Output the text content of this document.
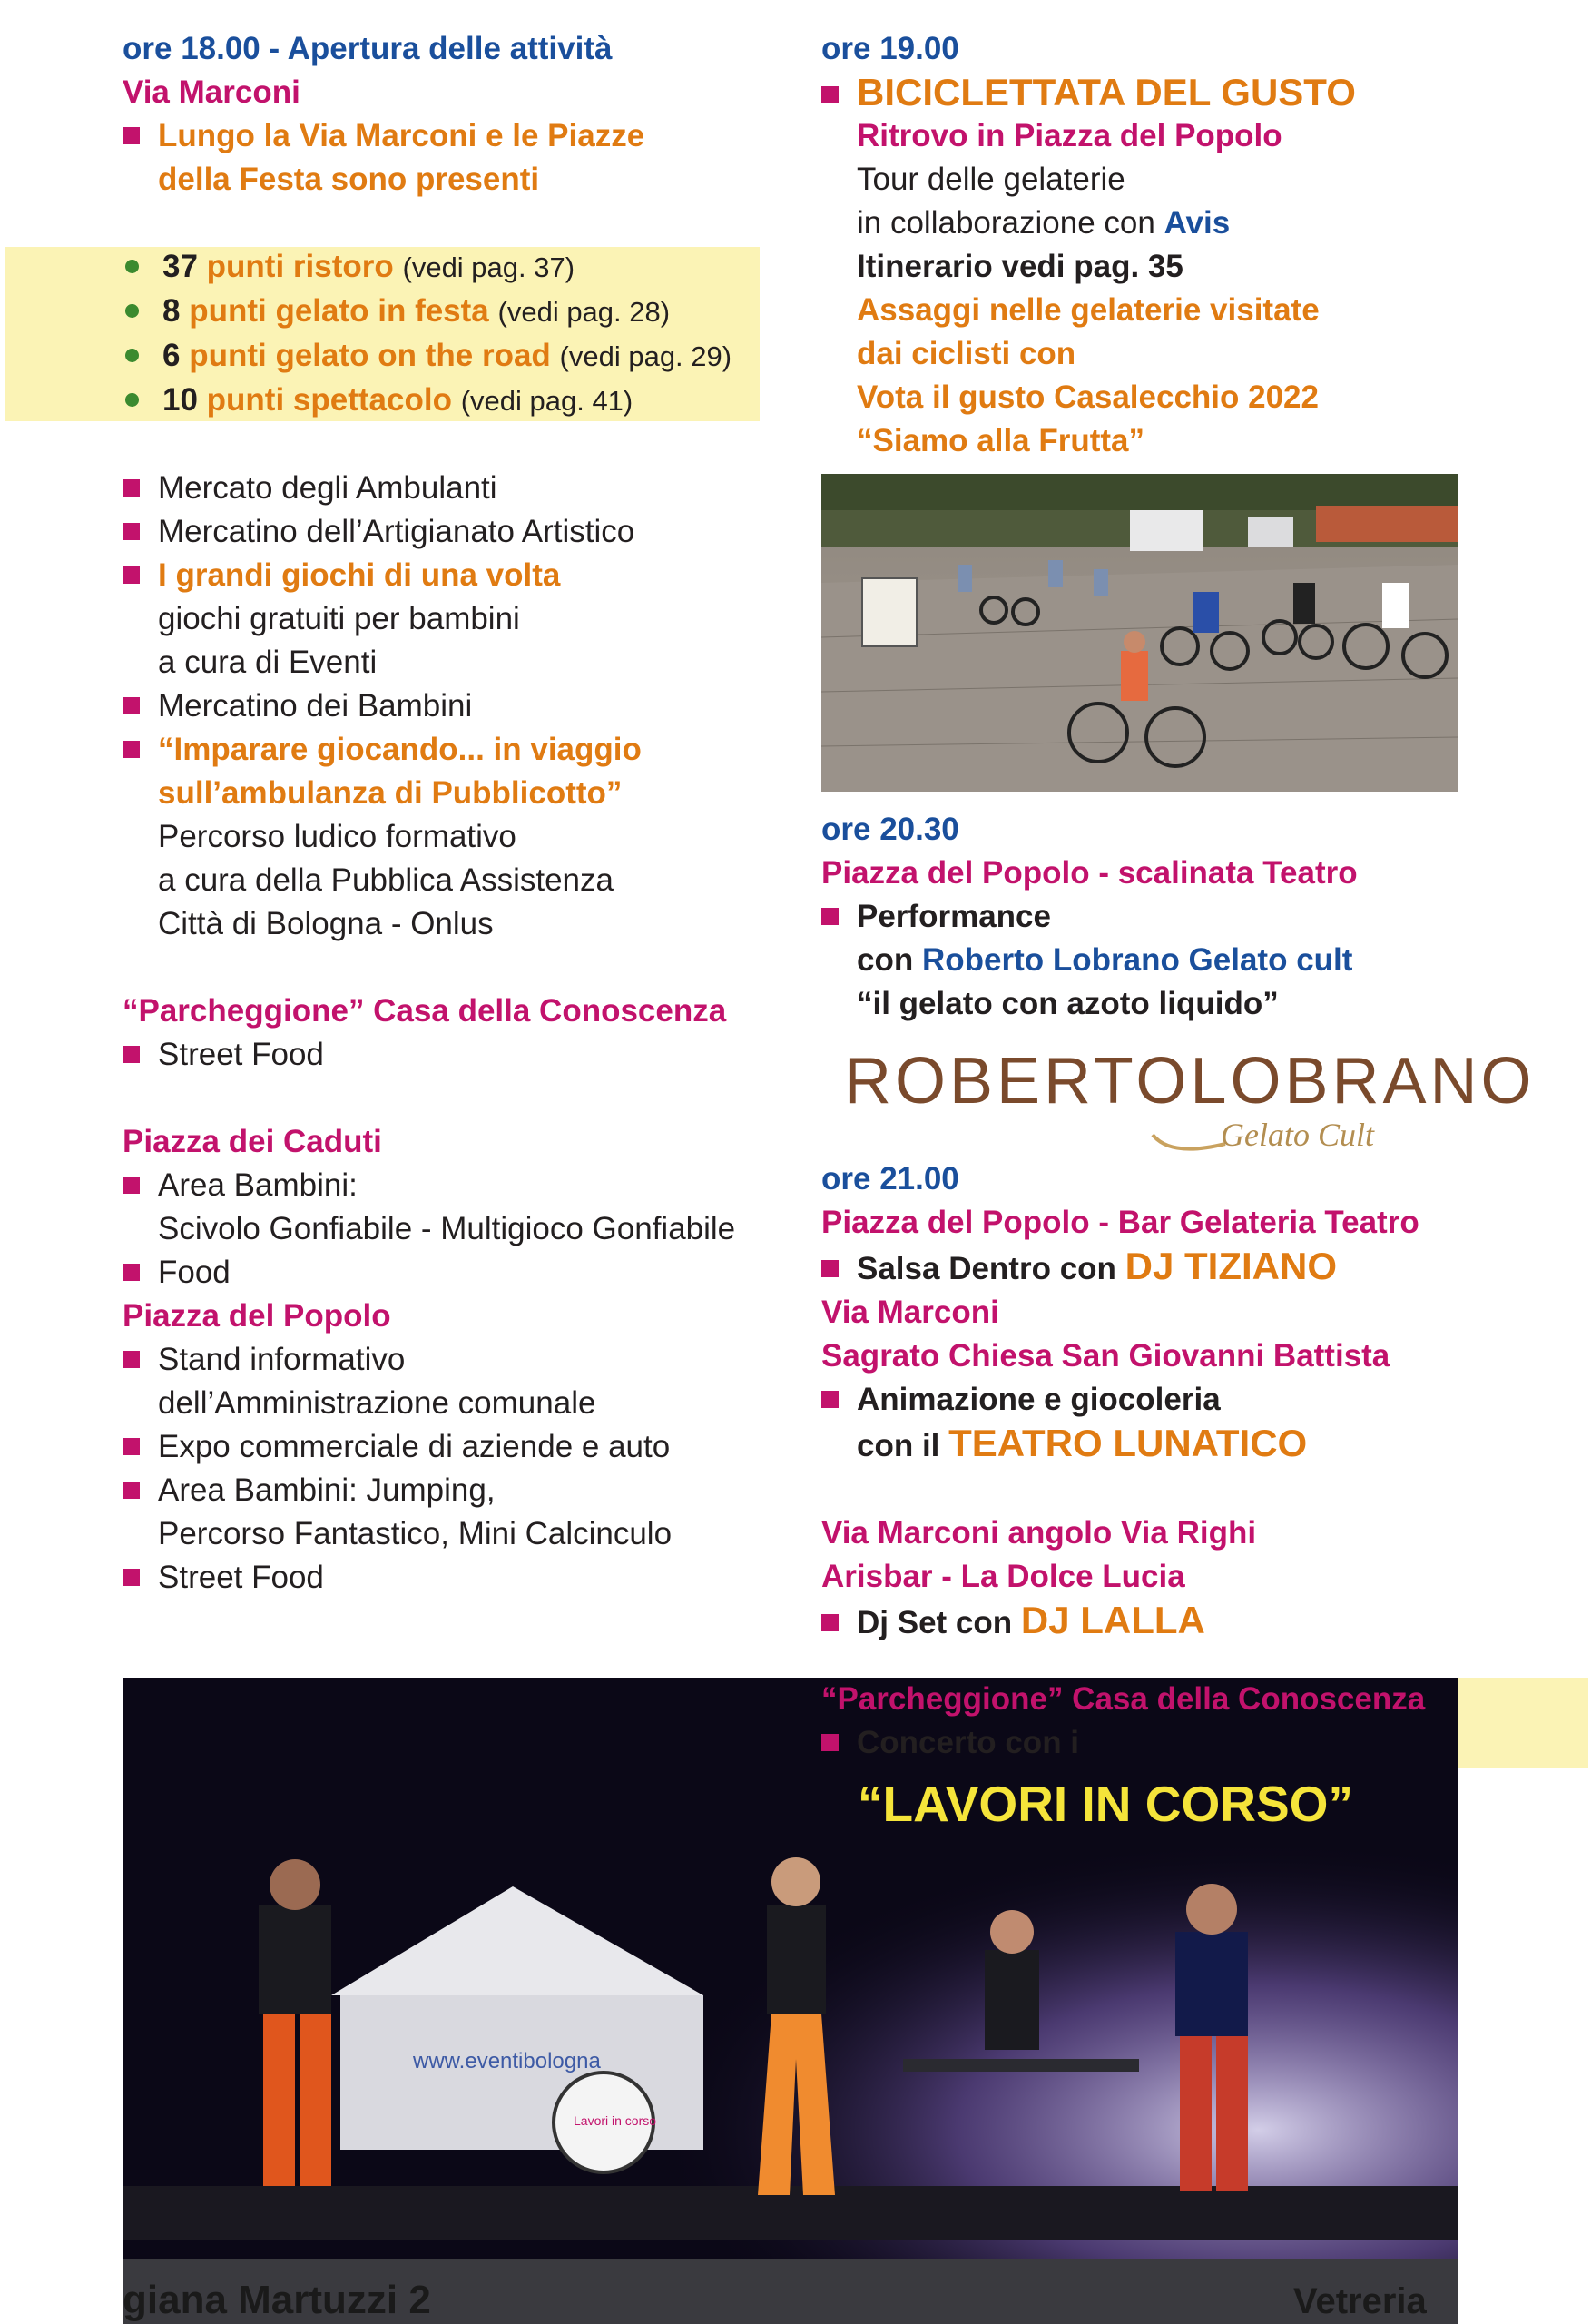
ore 18.00 - Apertura delle attività
Via Marconi
Lungo la Via Marconi e le Piazze
della Festa sono presenti
37 punti ristoro (vedi pag. 37)
8 punti gelato in festa (vedi pag. 28)
6 punti gelato on the road (vedi pag. 29)
10 punti spettacolo (vedi pag. 41)
Mercato degli Ambulanti
Mercatino dell’Artigianato Artistico
I grandi giochi di una volta
giochi gratuiti per bambini
a cura di Eventi
Mercatino dei Bambini
“Imparare giocando... in viaggio
sull’ambulanza di Pubblicotto”
Percorso ludico formativo
a cura della Pubblica Assistenza
Città di Bologna - Onlus
“Parcheggione” Casa della Conoscenza
Street Food
Piazza dei Caduti
Area Bambini:
Scivolo Gonfiabile - Multigioco Gonfiabile
Food
Piazza del Popolo
Stand informativo
dell’Amministrazione comunale
Expo commerciale di aziende e auto
Area Bambini: Jumping,
Percorso Fantastico, Mini Calcinculo
Street Food
ore 19.00
BICICLETTATA DEL GUSTO
Ritrovo in Piazza del Popolo
Tour delle gelaterie
in collaborazione con Avis
Itinerario vedi pag. 35
Assaggi nelle gelaterie visitate
dai ciclisti con
Vota il gusto Casalecchio 2022
“Siamo alla Frutta”
ore 20.30
Piazza del Popolo - scalinata Teatro
Performance
con Roberto Lobrano Gelato cult
“il gelato con azoto liquido”
ROBERTOLOBRANO
Gelato Cult
ore 21.00
Piazza del Popolo - Bar Gelateria Teatro
Salsa Dentro con DJ TIZIANO
Via Marconi
Sagrato Chiesa San Giovanni Battista
Animazione e giocoleria
con il TEATRO LUNATICO
Via Marconi angolo Via Righi
Arisbar - La Dolce Lucia
Dj Set con DJ LALLA
www.eventibologna
giana Martuzzi 2	Vetreria
Lavori in corso
“Parcheggione” Casa della Conoscenza
Concerto con i
“LAVORI IN CORSO”
